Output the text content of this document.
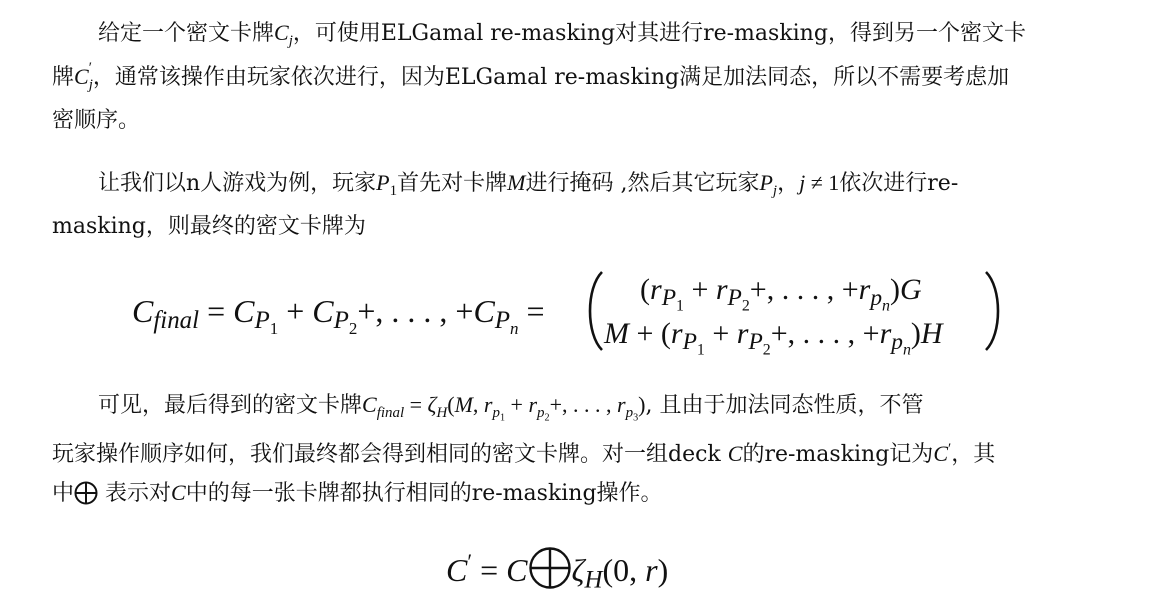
给定一个密文卡牌$C_j$，可使用ELGamal re-masking对其进行re-masking，得到另一个密文卡
牌C ′
$_j$，通常该操作由玩家依次进行，因为ELGamal re-masking满足加法同态，所以不需要考虑加
密顺序。
让我们以n人游戏为例，玩家$P_1$首先对卡牌M进行掩码 ,然后其它玩家$P_j$，j ≠ 1依次进行re-
masking，则最终的密文卡牌为
$C_{final} = C_{P_1} + C_{P_2}+$, . . . , $+C_{P_n}$ =
($r_{P_1} + r_{P_2}+$, . . . , $+r_{p_n})G$
$M + (r_{P_1} + r_{P_2}+$, . . . , $+r_{p_n})H$
可见，最后得到的密文卡牌$C_{final} = \zeta_H(M$, $r_{p_1} + r_{p_2}+$, . . . , $r_{p_3}$), 且由于加法同态性质，不管
玩家操作顺序如何，我们最终都会得到相同的密文卡牌。对一组deck C的re-masking记为C′，其
中 表示对C中的每一张卡牌都执行相同的re-masking操作。
C′ = C $\zeta_H(0$, r)
